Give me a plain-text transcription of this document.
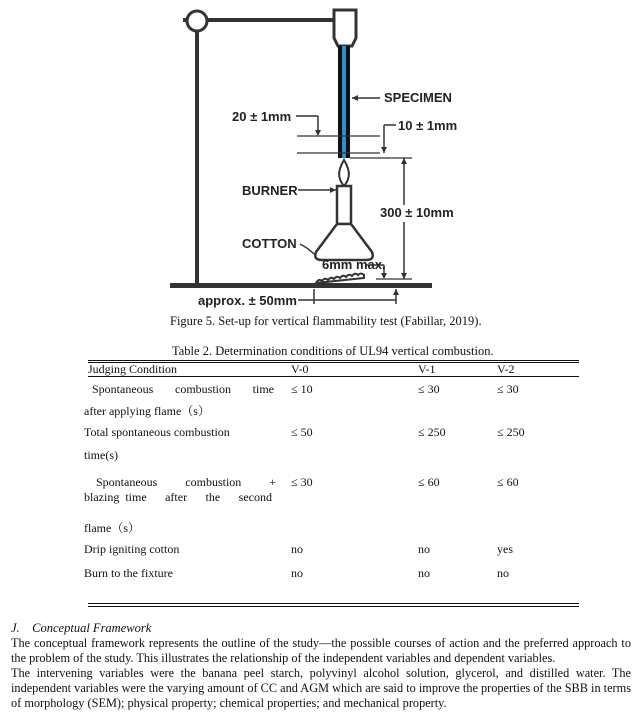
SPECIMEN
20 ± 1mm
10 ± 1mm
BURNER
300 ± 10mm
COTTON
6mm max.
approx. ± 50mm
Figure 5. Set-up for vertical flammability test (Fabillar, 2019).
Table 2. Determination conditions of UL94 vertical combustion.
Judging Condition	V-0	V-1	V-2
Spontaneous combustion time
after applying flame（s）
≤ 10	≤ 30	≤ 30
Total spontaneous combustion
time(s)
≤ 50	≤ 250	≤ 250
Spontaneous combustion +
blazing  time after the second
flame（s）
≤ 30	≤ 60	≤ 60
Drip igniting cotton	no	no	yes
Burn to the fixture	no	no	no
J.    Conceptual Framework
The conceptual framework represents the outline of the study—the possible courses of action and the preferred approach to the problem of the study. This illustrates the relationship of the independent variables and dependent variables.
The intervening variables were the banana peel starch, polyvinyl alcohol solution, glycerol, and distilled water. The independent variables were the varying amount of CC and AGM which are said to improve the properties of the SBB in terms of morphology (SEM); physical property; chemical properties; and mechanical property.
